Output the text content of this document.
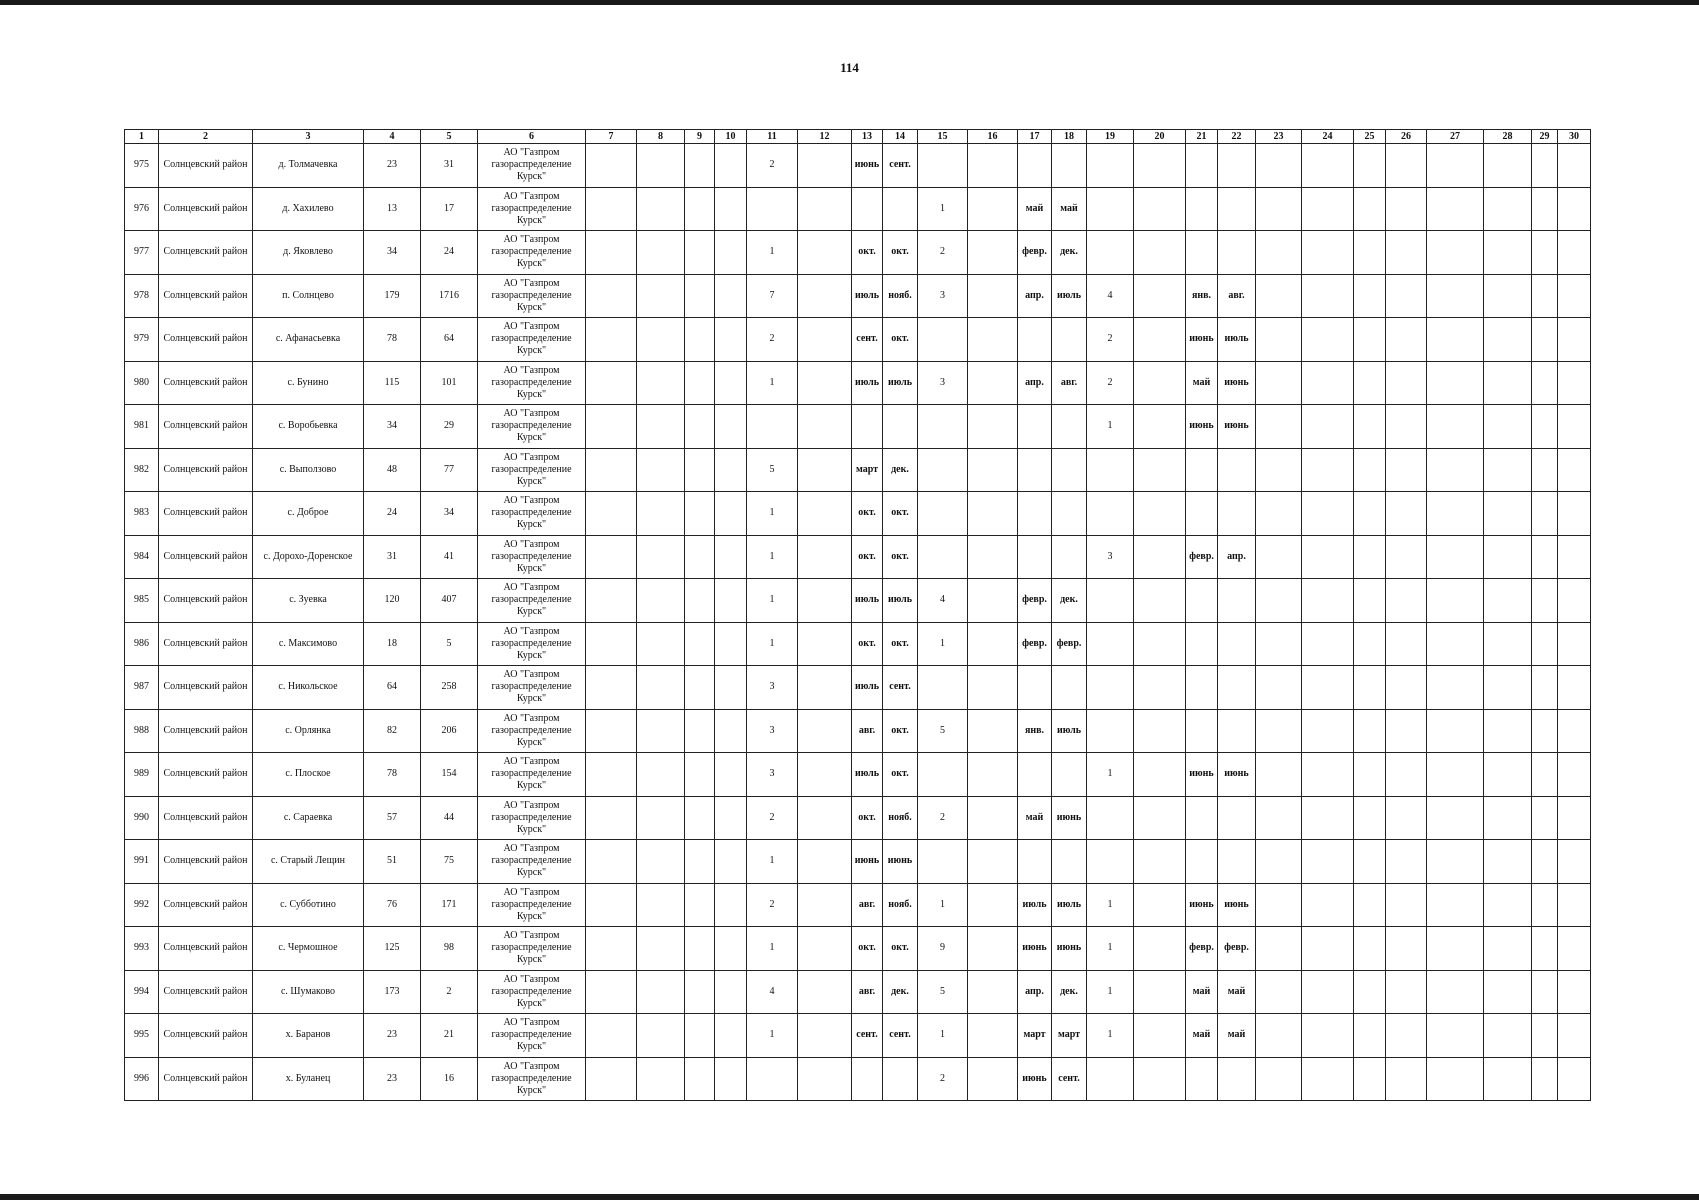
114
1	2	3	4	5	6	7	8	9	10	11	12	13	14	15	16	17	18	19	20	21	22	23	24	25	26	27	28	29	30
975	Солнцевский район	д. Толмачевка	23	31	АО "Газпром газораспределение Курск"					2		июнь	сент.																
976	Солнцевский район	д. Хахилево	13	17	АО "Газпром газораспределение Курск"									1		май	май												
977	Солнцевский район	д. Яковлево	34	24	АО "Газпром газораспределение Курск"					1		окт.	окт.	2		февр.	дек.												
978	Солнцевский район	п. Солнцево	179	1716	АО "Газпром газораспределение Курск"					7		июль	нояб.	3		апр.	июль	4		янв.	авг.								
979	Солнцевский район	с. Афанасьевка	78	64	АО "Газпром газораспределение Курск"					2		сент.	окт.					2		июнь	июль								
980	Солнцевский район	с. Бунино	115	101	АО "Газпром газораспределение Курск"					1		июль	июль	3		апр.	авг.	2		май	июнь								
981	Солнцевский район	с. Воробьевка	34	29	АО "Газпром газораспределение Курск"													1		июнь	июнь								
982	Солнцевский район	с. Выползово	48	77	АО "Газпром газораспределение Курск"					5		март	дек.																
983	Солнцевский район	с. Доброе	24	34	АО "Газпром газораспределение Курск"					1		окт.	окт.																
984	Солнцевский район	с. Дорохо-Доренское	31	41	АО "Газпром газораспределение Курск"					1		окт.	окт.					3		февр.	апр.								
985	Солнцевский район	с. Зуевка	120	407	АО "Газпром газораспределение Курск"					1		июль	июль	4		февр.	дек.												
986	Солнцевский район	с. Максимово	18	5	АО "Газпром газораспределение Курск"					1		окт.	окт.	1		февр.	февр.												
987	Солнцевский район	с. Никольское	64	258	АО "Газпром газораспределение Курск"					3		июль	сент.																
988	Солнцевский район	с. Орлянка	82	206	АО "Газпром газораспределение Курск"					3		авг.	окт.	5		янв.	июль												
989	Солнцевский район	с. Плоское	78	154	АО "Газпром газораспределение Курск"					3		июль	окт.					1		июнь	июнь								
990	Солнцевский район	с. Сараевка	57	44	АО "Газпром газораспределение Курск"					2		окт.	нояб.	2		май	июнь												
991	Солнцевский район	с. Старый Лещин	51	75	АО "Газпром газораспределение Курск"					1		июнь	июнь																
992	Солнцевский район	с. Субботино	76	171	АО "Газпром газораспределение Курск"					2		авг.	нояб.	1		июль	июль	1		июнь	июнь								
993	Солнцевский район	с. Чермошное	125	98	АО "Газпром газораспределение Курск"					1		окт.	окт.	9		июнь	июнь	1		февр.	февр.								
994	Солнцевский район	с. Шумаково	173	2	АО "Газпром газораспределение Курск"					4		авг.	дек.	5		апр.	дек.	1		май	май								
995	Солнцевский район	х. Баранов	23	21	АО "Газпром газораспределение Курск"					1		сент.	сент.	1		март	март	1		май	май								
996	Солнцевский район	х. Буланец	23	16	АО "Газпром газораспределение Курск"									2		июнь	сент.												
